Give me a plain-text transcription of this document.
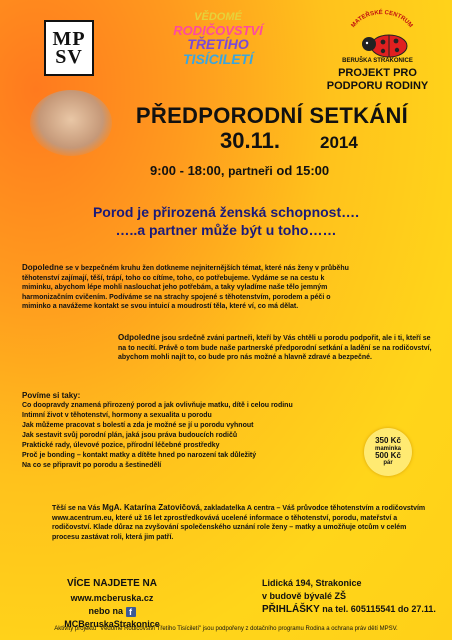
MP
SV
VĚDOMÉ
RODIČOVSTVÍ
TŘETÍHO
TISÍCILETÍ
MATEŘSKÉ CENTRUM
BERUŠKA STRAKONICE
PROJEKT PRO
PODPORU RODINY
PŘEDPORODNÍ SETKÁNÍ
30.11. 2014
9:00 - 18:00, partneři od 15:00
Porod je přirozená ženská schopnost….
…..a partner může být u toho……
Dopoledne se v bezpečném kruhu žen dotkneme nejniternějších témat, které nás ženy v průběhu těhotenství zajímají, těší, trápí, toho co cítíme, toho, co potřebujeme. Vydáme se na cestu k miminku, abychom lépe mohli naslouchat jeho potřebám, a taky vyladíme naše tělo jemným harmonizačním cvičením. Podíváme se na strachy spojené s těhotenstvím, porodem a péči o miminko a navážeme kontakt se svou intuicí a moudrostí těla, které ví, co má dělat.
Odpoledne jsou srdečně zváni partneři, kteří by Vás chtěli u porodu podpořit, ale i ti, kteří se na to necítí. Právě o tom bude naše partnerské předporodní setkání a ladění se na rodičovství, abychom mohli najít to, co bude pro nás možné a hlavně zdravé a bezpečné.
Povíme si taky:
Co doopravdy znamená přirozený porod a jak ovlivňuje matku, dítě i celou rodinu
Intimní život v těhotenství, hormony a sexualita u porodu
Jak můžeme pracovat s bolestí a zda je možné se jí u porodu vyhnout
Jak sestavit svůj porodní plán, jaká jsou práva budoucích rodičů
Praktické rady, úlevové pozice, přírodní léčebné prostředky
Proč je bonding – kontakt matky a dítěte hned po narození tak důležitý
Na co se připravit po porodu a šestinedělí
350 Kč
maminka
500 Kč
pár
Těší se na Vás MgA. Katarína Zatovičová, zakladatelka A centra – Váš průvodce těhotenstvím a rodičovstvím www.acentrum.eu, které už 16 let zprostředkovává ucelené informace o těhotenství, porodu, mateřství a rodičovství. Klade důraz na zvyšování společenského uznání role ženy – matky a umožňuje otcům v celém procesu zastávat roli, která jim patří.
VÍCE NAJDETE NA
www.mcberuska.cz
nebo na f MCBeruskaStrakonice
Lidická 194, Strakonice
v budově bývalé ZŠ
PŘIHLÁŠKY na tel. 605115541 do 27.11.
Aktivity projektu "Vědomé Rodičovství Třetího Tisíciletí" jsou podpořeny z dotačního programu Rodina a ochrana práv dětí MPSV.
